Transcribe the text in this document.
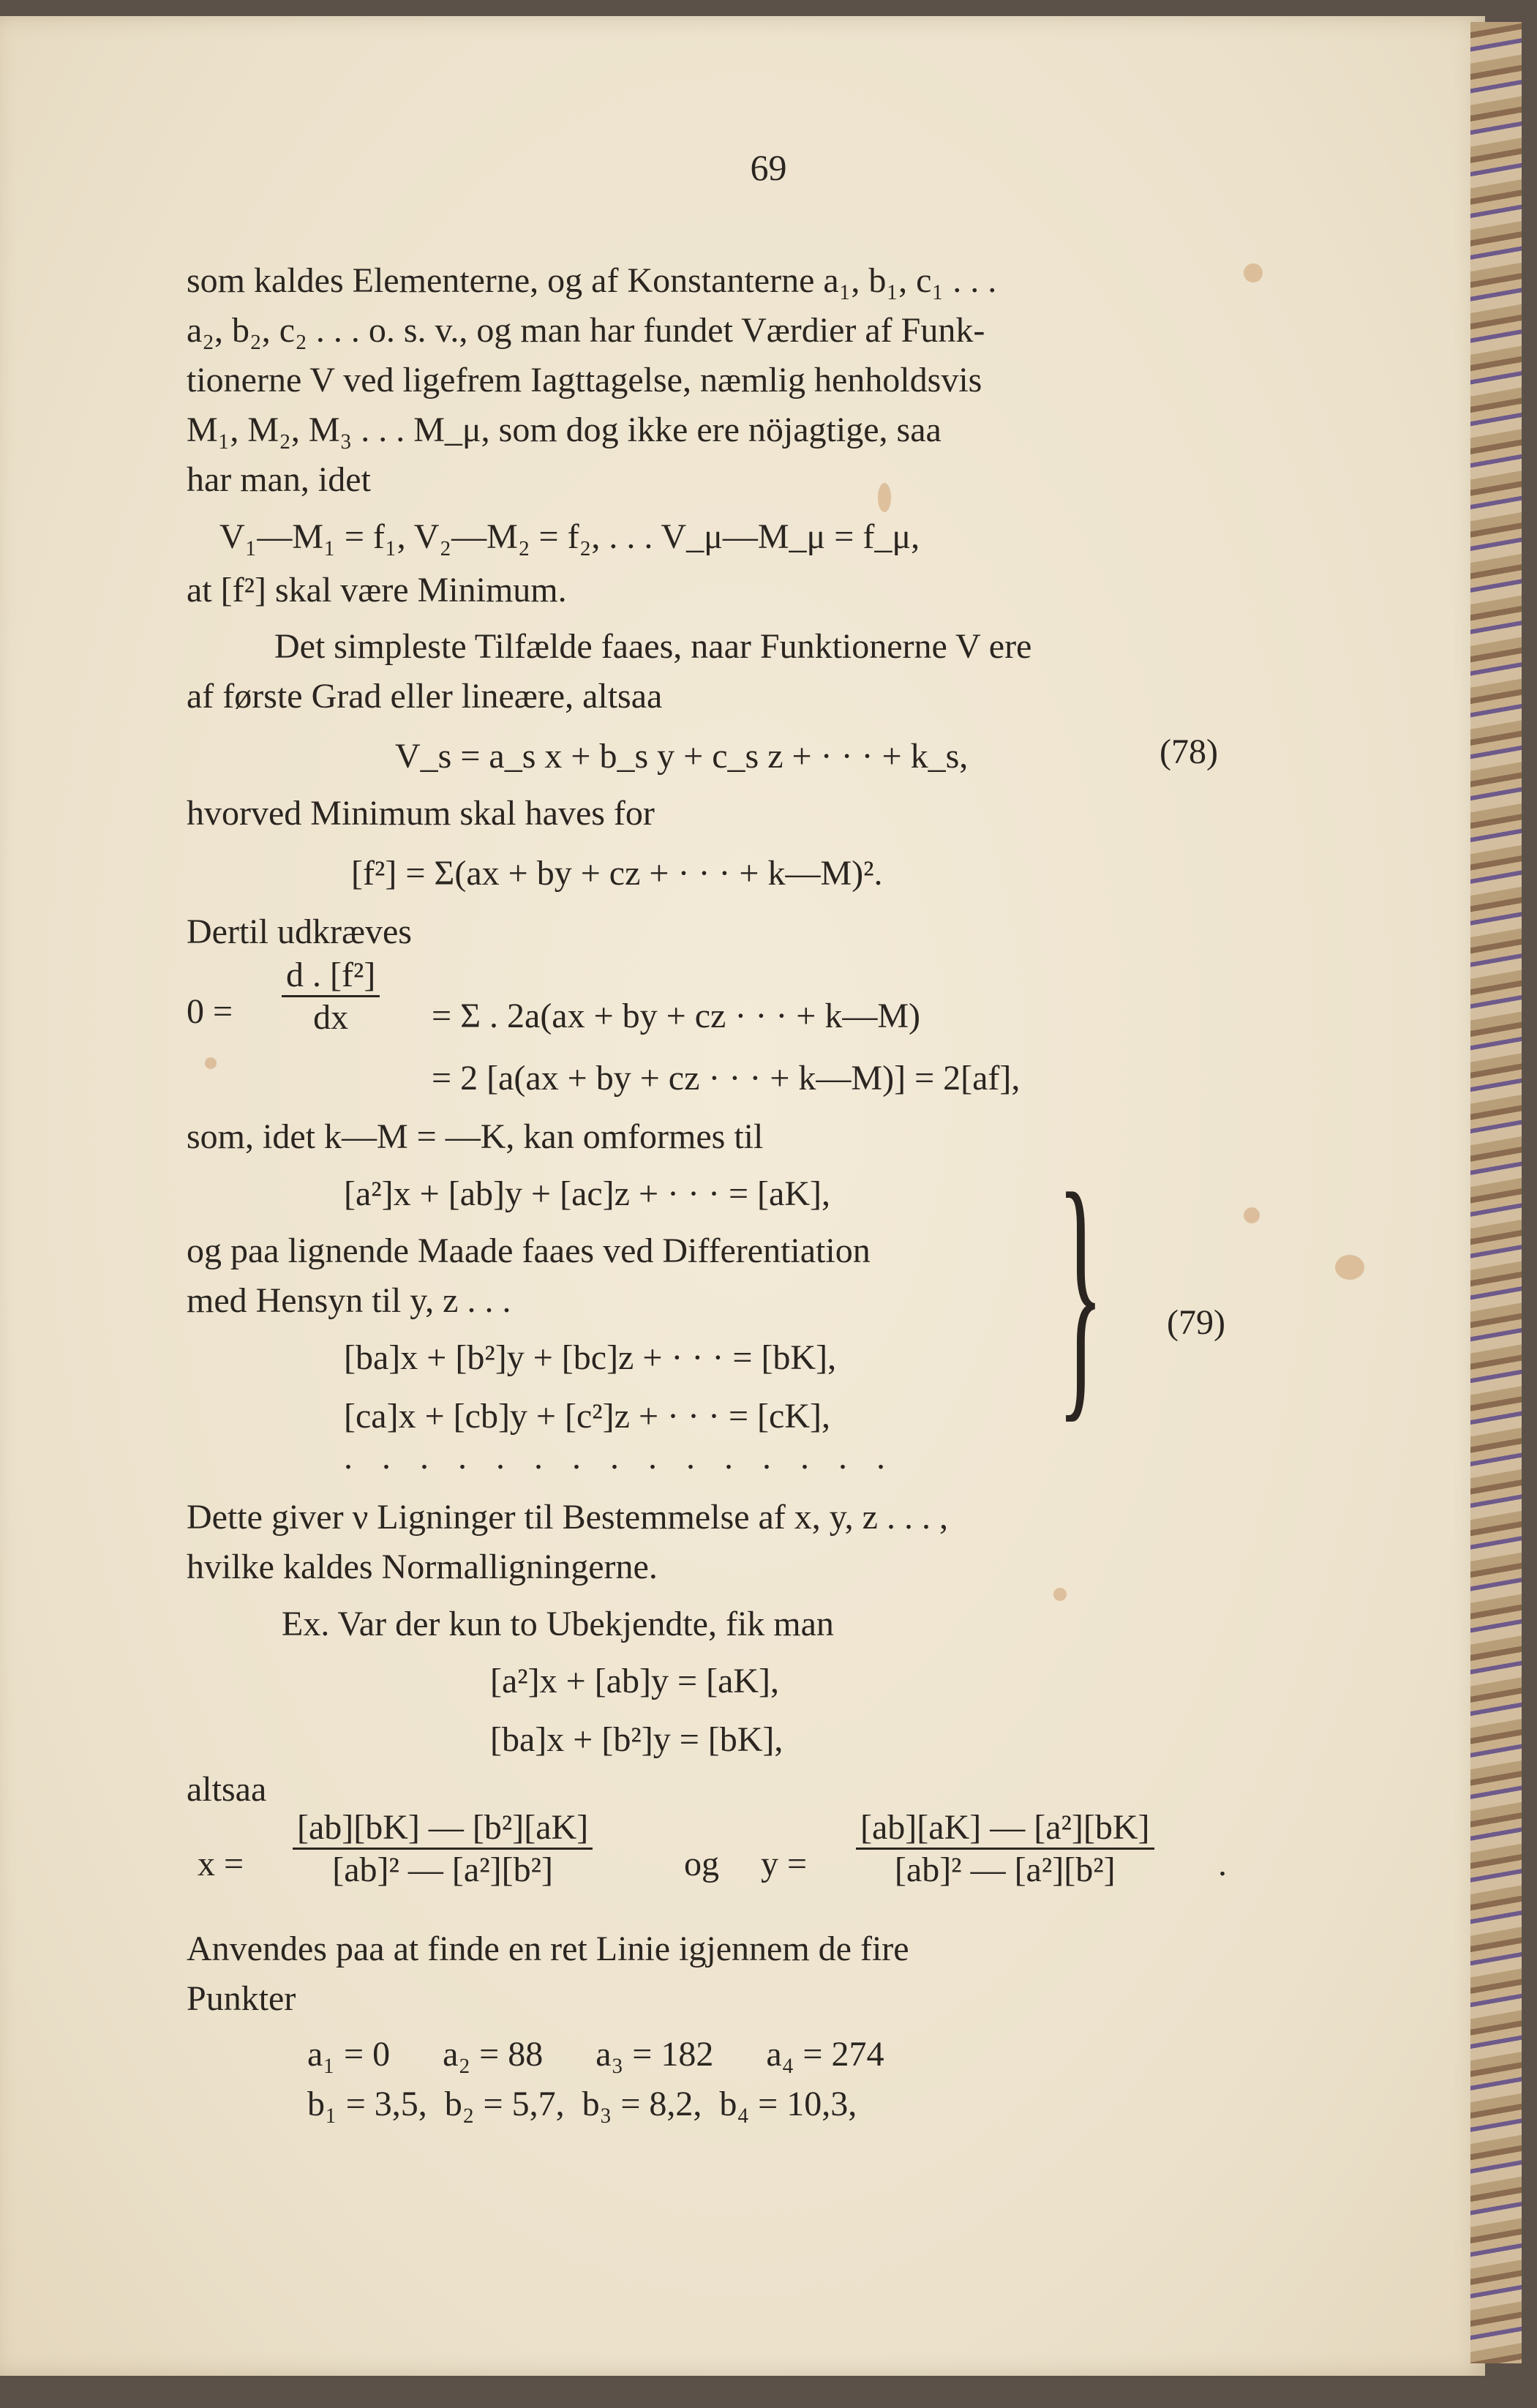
69
som kaldes Elementerne, og af Konstanterne a₁, b₁, c₁ . . .
a₂, b₂, c₂ . . . o. s. v., og man har fundet Værdier af Funk-
tionerne V ved ligefrem Iagttagelse, næmlig henholdsvis
M₁, M₂, M₃ . . . M_μ, som dog ikke ere nöjagtige, saa
har man, idet
V₁—M₁ = f₁, V₂—M₂ = f₂, . . . V_μ—M_μ = f_μ,
at [f²] skal være Minimum.
Det simpleste Tilfælde faaes, naar Funktionerne V ere
af første Grad eller lineære, altsaa
V_s = a_s x + b_s y + c_s z + · · · + k_s,	(78)
hvorved Minimum skal haves for
[f²] = Σ(ax + by + cz + · · · + k—M)².
Dertil udkræves
$0 = \frac{\text{d . [f²]}}{dx} = \Sigma$ . 2a(ax + by + cz · · · + k—M)
= 2 [a(ax + by + cz · · · + k—M)] = 2[af],
som, idet k—M = —K, kan omformes til
[a²]x + [ab]y + [ac]z + · · · = [aK],
og paa lignende Maade faaes ved Differentiation
med Hensyn til y, z . . .
[ba]x + [b²]y + [bc]z + · · · = [bK],
[ca]x + [cb]y + [c²]z + · · · = [cK],
. . . . . . . . . . . . . . .
} (79)
Dette giver ν Ligninger til Bestemmelse af x, y, z . . . ,
hvilke kaldes Normalligningerne.
Ex. Var der kun to Ubekjendte, fik man
[a²]x + [ab]y = [aK],
[ba]x + [b²]y = [bK],
altsaa
$x = \frac{\text{[ab][bK] — [b²][aK]}}{\text{[ab]² — [a²][b²]}}$	og $y = \frac{\text{[ab][aK] — [a²][bK]}}{\text{[ab]² — [a²][b²]}}$ .
Anvendes paa at finde en ret Linie igjennem de fire
Punkter
a₁ = 0      a₂ = 88      a₃ = 182      a₄ = 274
b₁ = 3,5,  b₂ = 5,7,  b₃ = 8,2,  b₄ = 10,3,
